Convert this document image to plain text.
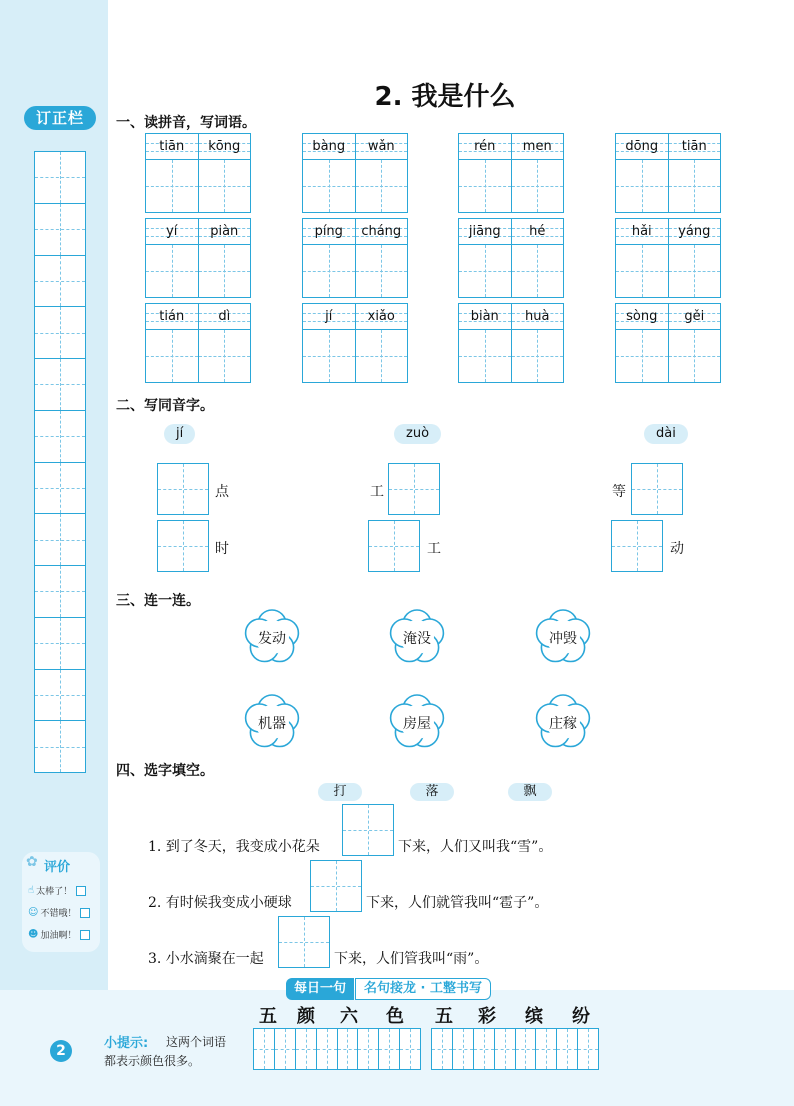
订正栏
✿ 评价
☝ 太棒了！
☺ 不错哦！
☻ 加油啊！
2. 我是什么
一、读拼音，写词语。
tiān	kōng	bàng	wǎn	rén	men	dōng	tiān
yí	piàn	píng	cháng	jiāng	hé	hǎi	yáng
tián	dì	jí	xiǎo	biàn	huà	sòng	gěi
二、写同音字。
jí
点
时
zuò
工
工
dài
等
动
三、连一连。
发动	淹没	冲毁
机器	房屋	庄稼
四、选字填空。
打	落	飘
1. 到了冬天，我变成小花朵	下来，人们又叫我“雪”。
2. 有时候我变成小硬球	下来，人们就管我叫“雹子”。
3. 小水滴聚在一起	下来，人们管我叫“雨”。
每日一句	名句接龙 · 工整书写
五 颜 六 色 五 彩 缤 纷
小提示: 这两个词语
都表示颜色很多。
2
